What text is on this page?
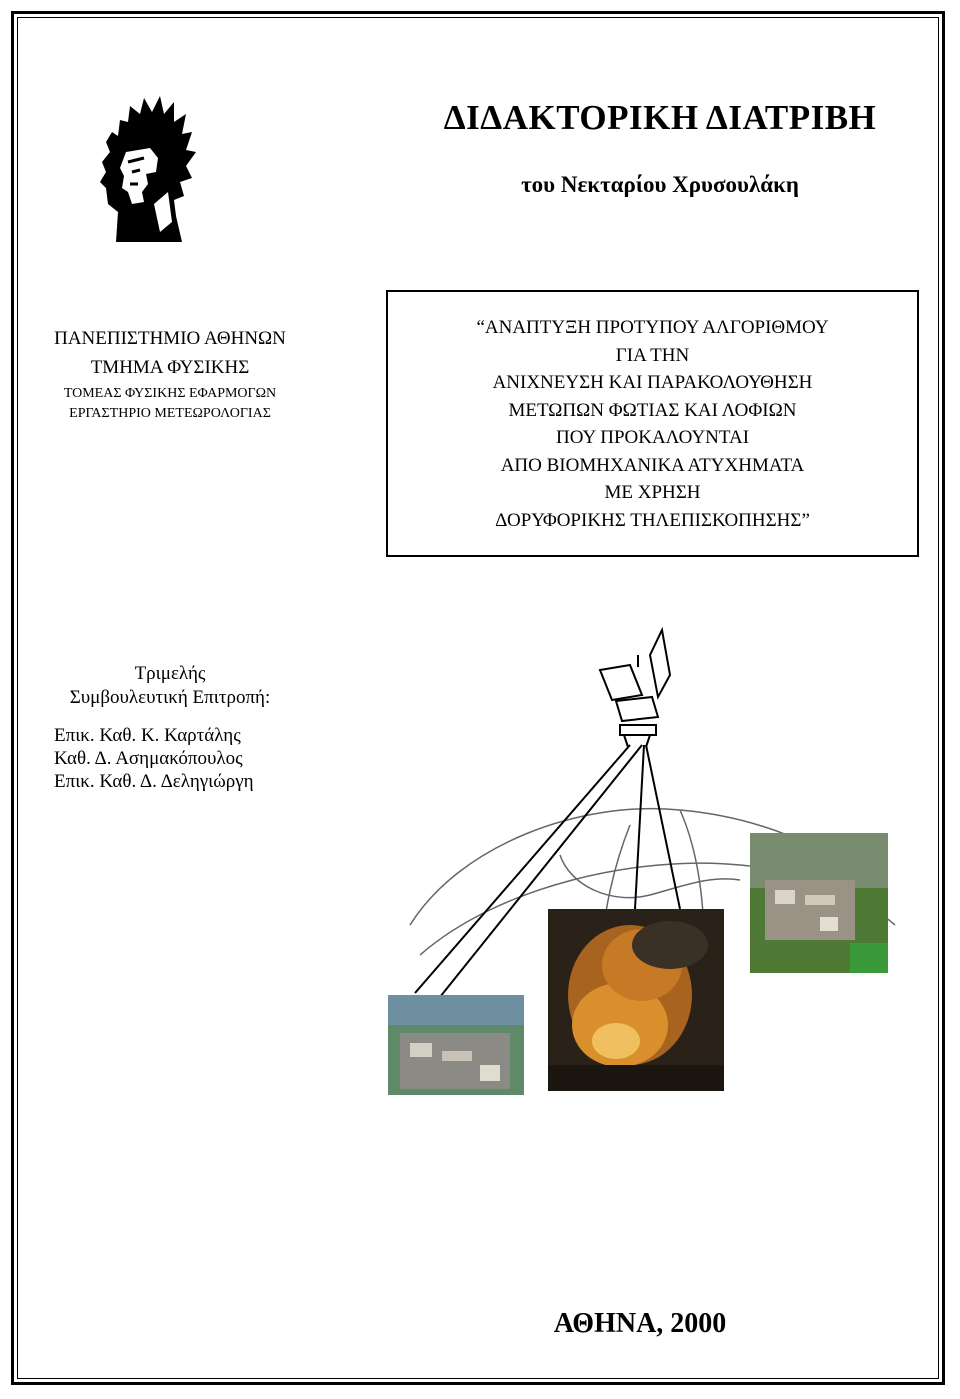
ΔΙΔΑΚΤΟΡΙΚΗ ΔΙΑΤΡΙΒΗ
του Νεκταρίου Χρυσουλάκη
ΠΑΝΕΠΙΣΤΗΜΙΟ ΑΘΗΝΩΝ
ΤΜΗΜΑ ΦΥΣΙΚΗΣ
ΤΟΜΕΑΣ ΦΥΣΙΚΗΣ ΕΦΑΡΜΟΓΩΝ
ΕΡΓΑΣΤΗΡΙΟ ΜΕΤΕΩΡΟΛΟΓΙΑΣ
“ΑΝΑΠΤΥΞΗ ΠΡΟΤΥΠΟΥ ΑΛΓΟΡΙΘΜΟΥ
ΓΙΑ ΤΗΝ
ΑΝΙΧΝΕΥΣΗ ΚΑΙ ΠΑΡΑΚΟΛΟΥΘΗΣΗ
ΜΕΤΩΠΩΝ ΦΩΤΙΑΣ ΚΑΙ ΛΟΦΙΩΝ
ΠΟΥ ΠΡΟΚΑΛΟΥΝΤΑΙ
ΑΠΟ ΒΙΟΜΗΧΑΝΙΚΑ ΑΤΥΧΗΜΑΤΑ
ΜΕ ΧΡΗΣΗ
ΔΟΡΥΦΟΡΙΚΗΣ ΤΗΛΕΠΙΣΚΟΠΗΣΗΣ”
Τριμελής
Συμβουλευτική Επιτροπή:
Επικ. Καθ. Κ. Καρτάλης
Καθ. Δ. Ασημακόπουλος
Επικ. Καθ. Δ. Δεληγιώργη
ΑΘΗΝΑ, 2000
